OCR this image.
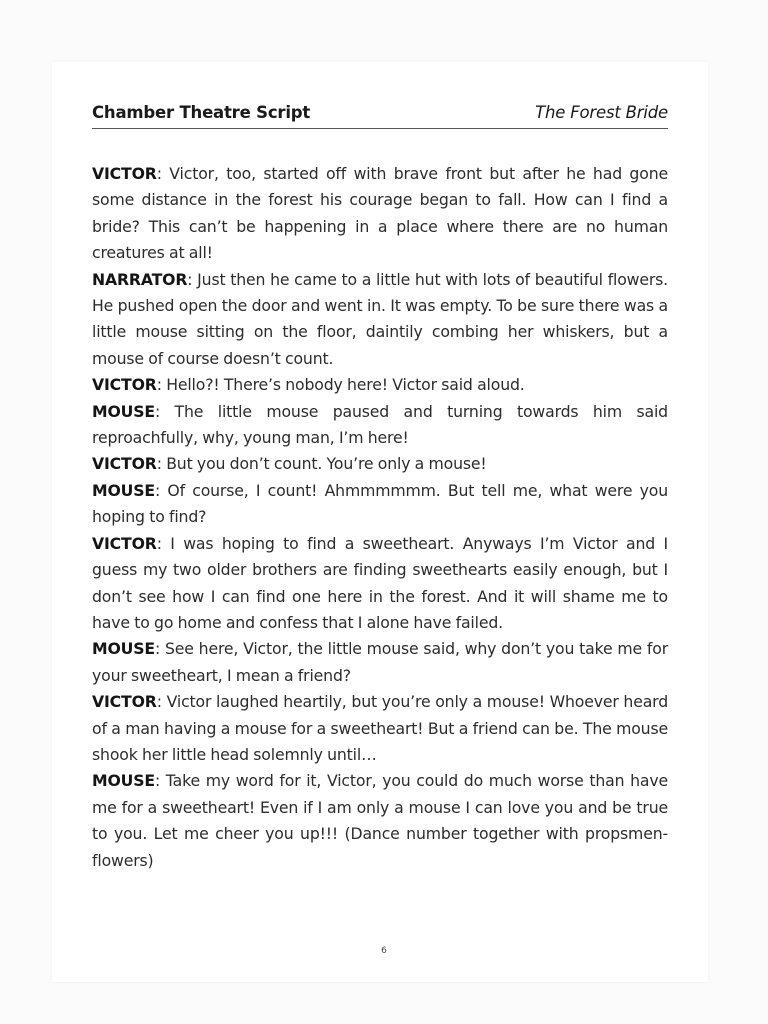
Chamber Theatre Script	The Forest Bride

VICTOR: Victor, too, started off with brave front but after he had gone some distance in the forest his courage began to fall. How can I find a bride? This can’t be happening in a place where there are no human creatures at all!

NARRATOR: Just then he came to a little hut with lots of beautiful flowers. He pushed open the door and went in. It was empty. To be sure there was a little mouse sitting on the floor, daintily combing her whiskers, but a mouse of course doesn’t count.

VICTOR: Hello?! There’s nobody here! Victor said aloud.

MOUSE: The little mouse paused and turning towards him said reproachfully, why, young man, I’m here!

VICTOR: But you don’t count. You’re only a mouse!

MOUSE: Of course, I count! Ahmmmmmm. But tell me, what were you hoping to find?

VICTOR: I was hoping to find a sweetheart. Anyways I’m Victor and I guess my two older brothers are finding sweethearts easily enough, but I don’t see how I can find one here in the forest. And it will shame me to have to go home and confess that I alone have failed.

MOUSE: See here, Victor, the little mouse said, why don’t you take me for your sweetheart, I mean a friend?

VICTOR: Victor laughed heartily, but you’re only a mouse! Whoever heard of a man having a mouse for a sweetheart! But a friend can be. The mouse shook her little head solemnly until…

MOUSE: Take my word for it, Victor, you could do much worse than have me for a sweetheart! Even if I am only a mouse I can love you and be true to you. Let me cheer you up!!! (Dance number together with propsmen-flowers)

6
